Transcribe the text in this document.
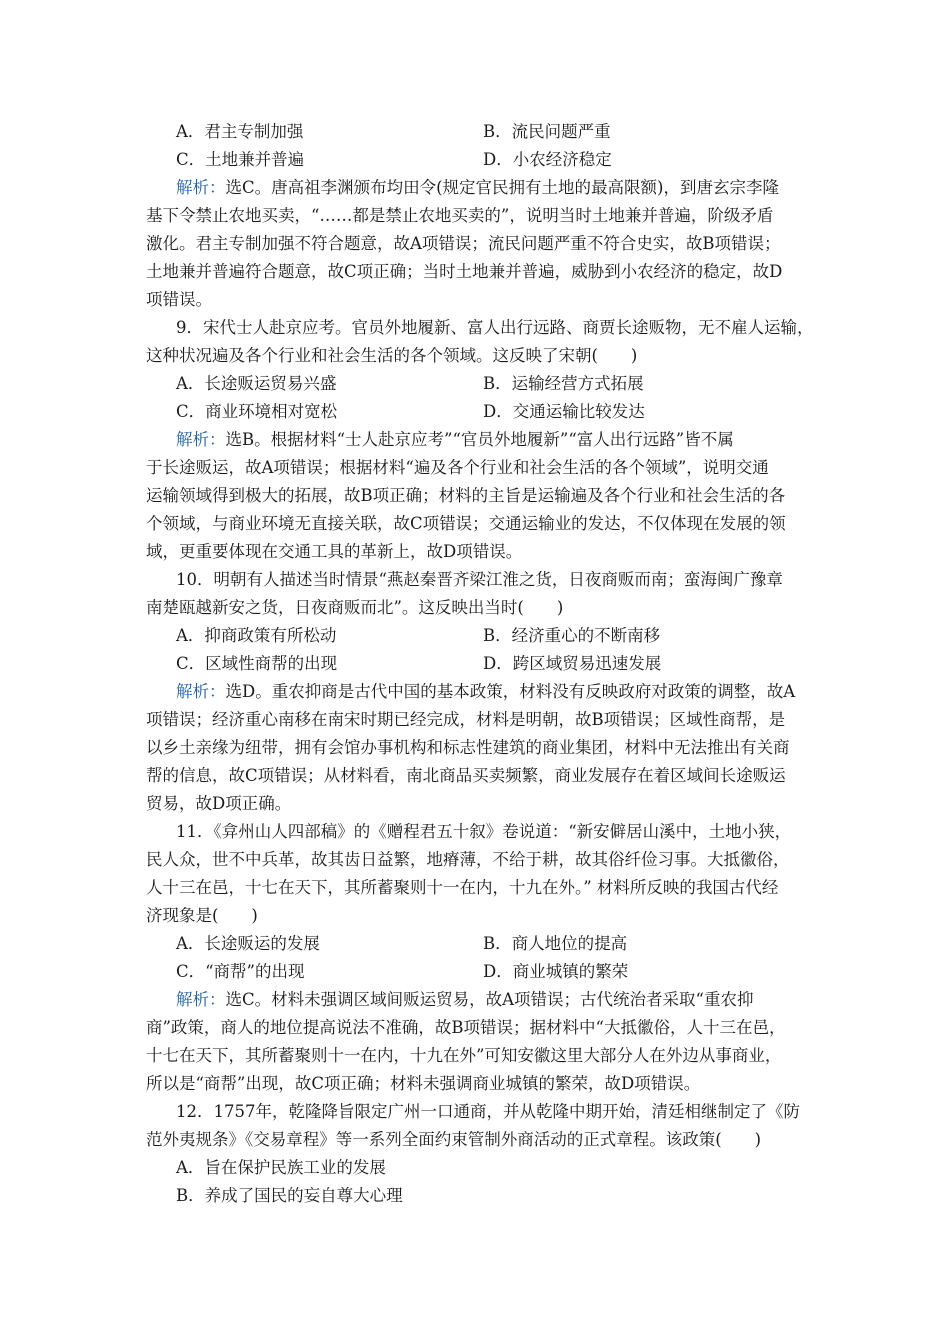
A．君主专制加强	B．流民问题严重
C．土地兼并普遍	D．小农经济稳定
解析：选C。唐高祖李渊颁布均田令(规定官民拥有土地的最高限额)，到唐玄宗李隆
基下令禁止农地买卖，“……都是禁止农地买卖的”，说明当时土地兼并普遍，阶级矛盾
激化。君主专制加强不符合题意，故A项错误；流民问题严重不符合史实，故B项错误；
土地兼并普遍符合题意，故C项正确；当时土地兼并普遍，威胁到小农经济的稳定，故D
项错误。
9．宋代士人赴京应考。官员外地履新、富人出行远路、商贾长途贩物，无不雇人运输，
这种状况遍及各个行业和社会生活的各个领域。这反映了宋朝(　　)
A．长途贩运贸易兴盛	B．运输经营方式拓展
C．商业环境相对宽松	D．交通运输比较发达
解析：选B。根据材料“士人赴京应考”“官员外地履新”“富人出行远路”皆不属
于长途贩运，故A项错误；根据材料“遍及各个行业和社会生活的各个领域”，说明交通
运输领域得到极大的拓展，故B项正确；材料的主旨是运输遍及各个行业和社会生活的各
个领域，与商业环境无直接关联，故C项错误；交通运输业的发达，不仅体现在发展的领
域，更重要体现在交通工具的革新上，故D项错误。
10．明朝有人描述当时情景“燕赵秦晋齐梁江淮之货，日夜商贩而南；蛮海闽广豫章
南楚瓯越新安之货，日夜商贩而北”。这反映出当时(　　)
A．抑商政策有所松动	B．经济重心的不断南移
C．区域性商帮的出现	D．跨区域贸易迅速发展
解析：选D。重农抑商是古代中国的基本政策，材料没有反映政府对政策的调整，故A
项错误；经济重心南移在南宋时期已经完成，材料是明朝，故B项错误；区域性商帮，是
以乡土亲缘为纽带，拥有会馆办事机构和标志性建筑的商业集团，材料中无法推出有关商
帮的信息，故C项错误；从材料看，南北商品买卖频繁，商业发展存在着区域间长途贩运
贸易，故D项正确。
11．《弇州山人四部稿》的《赠程君五十叙》卷说道：“新安僻居山溪中，土地小狭，
民人众，世不中兵革，故其齿日益繁，地瘠薄，不给于耕，故其俗纤俭习事。大抵徽俗，
人十三在邑，十七在天下，其所蓄聚则十一在内，十九在外。” 材料所反映的我国古代经
济现象是(　　)
A．长途贩运的发展	B．商人地位的提高
C．“商帮”的出现	D．商业城镇的繁荣
解析：选C。材料未强调区域间贩运贸易，故A项错误；古代统治者采取“重农抑
商”政策，商人的地位提高说法不准确，故B项错误；据材料中“大抵徽俗，人十三在邑，
十七在天下，其所蓄聚则十一在内，十九在外”可知安徽这里大部分人在外边从事商业，
所以是“商帮”出现，故C项正确；材料未强调商业城镇的繁荣，故D项错误。
12．1757年，乾隆降旨限定广州一口通商，并从乾隆中期开始，清廷相继制定了《防
范外夷规条》《交易章程》等一系列全面约束管制外商活动的正式章程。该政策(　　)
A．旨在保护民族工业的发展
B．养成了国民的妄自尊大心理
